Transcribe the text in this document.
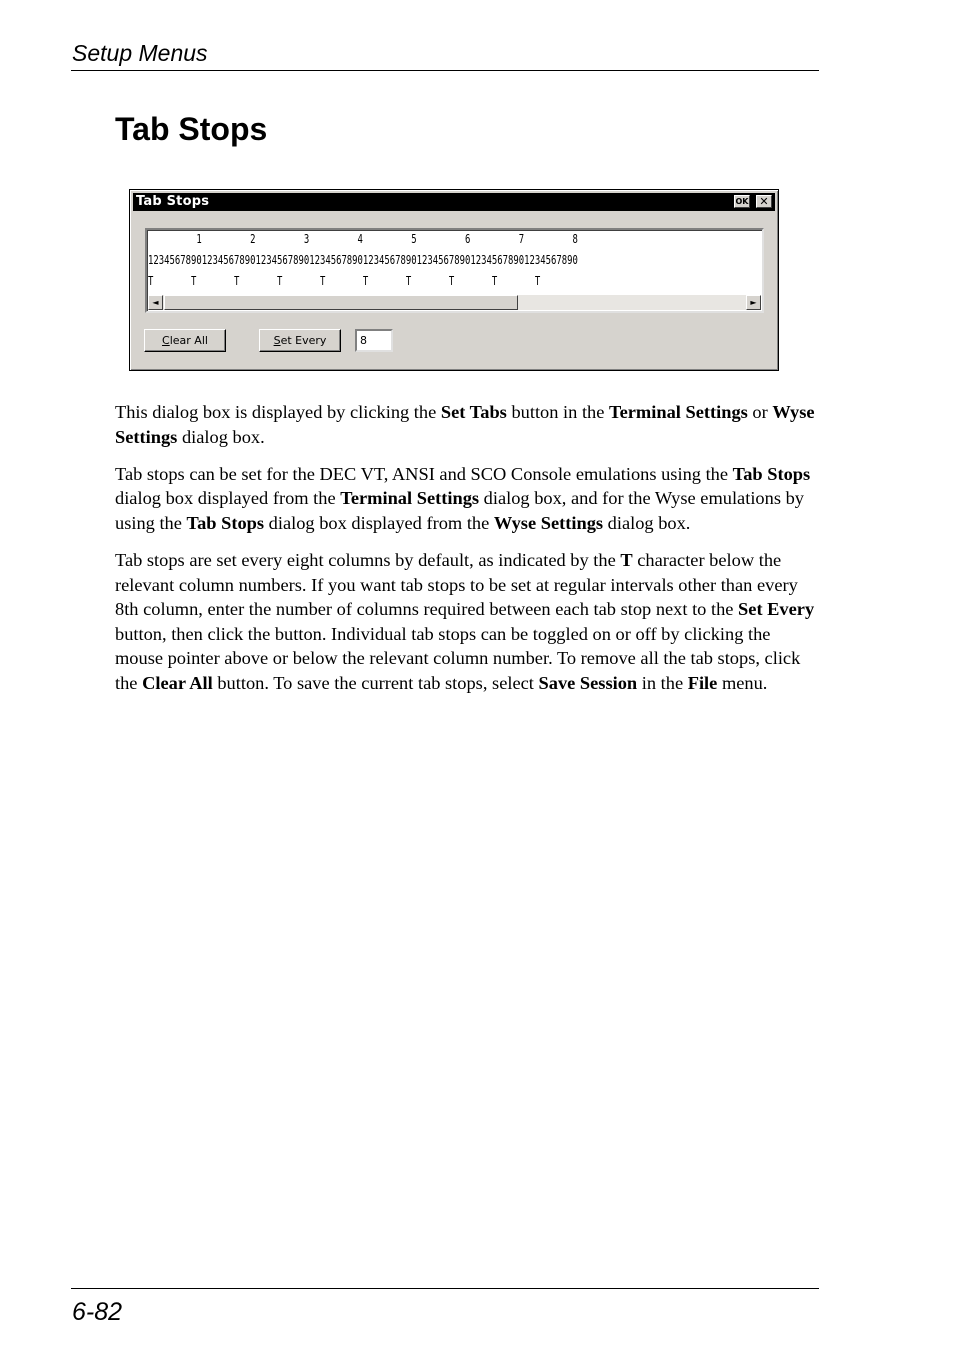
Setup Menus
Tab Stops
Tab Stops	OK ✕
1         2         3         4         5         6         7         8
12345678901234567890123456789012345678901234567890123456789012345678901234567890
T       T       T       T       T       T       T       T       T       T
◄	►
Clear All	Set Every
8

This dialog box is displayed by clicking the Set Tabs button in the Terminal Settings or Wyse Settings dialog box.

Tab stops can be set for the DEC VT, ANSI and SCO Console emulations using the Tab Stops dialog box displayed from the Terminal Settings dialog box, and for the Wyse emulations by using the Tab Stops dialog box displayed from the Wyse Settings dialog box.

Tab stops are set every eight columns by default, as indicated by the T character below the relevant column numbers. If you want tab stops to be set at regular intervals other than every 8th column, enter the number of columns required between each tab stop next to the Set Every button, then click the button. Individual tab stops can be toggled on or off by clicking the mouse pointer above or below the relevant column number. To remove all the tab stops, click the Clear All button. To save the current tab stops, select Save Session in the File menu.

6-82
